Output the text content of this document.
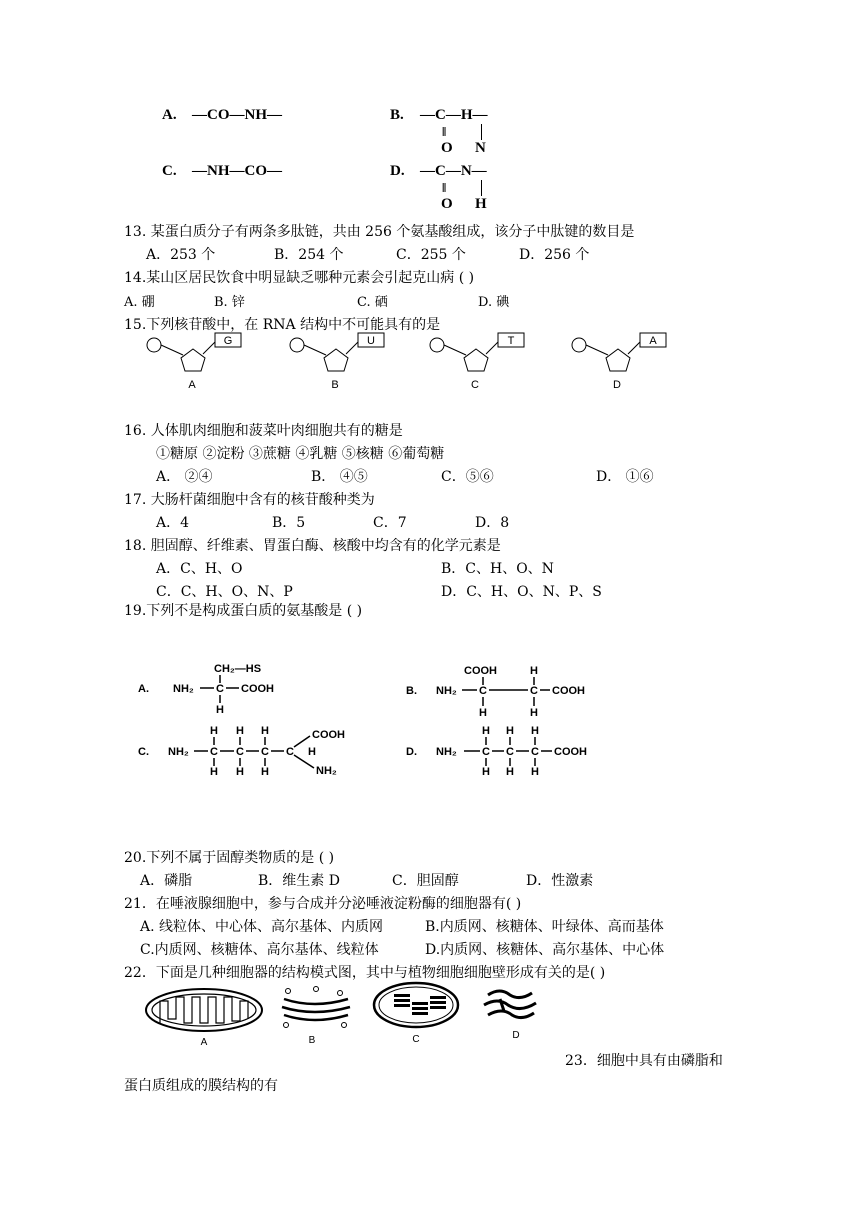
A. —CO—NH—	B. —C—H—
‖
O N
C. —NH—CO—	D. —C—N—
‖
O H
13. 某蛋白质分子有两条多肽链，共由 256 个氨基酸组成，该分子中肽键的数目是
A．253 个	B．254 个	C．255 个	D．256 个
14.某山区居民饮食中明显缺乏哪种元素会引起克山病 ( )
A. 硼	B. 锌	C. 硒	D. 碘
15.下列核苷酸中，在 RNA 结构中不可能具有的是
G
A
U
B
T
C
A
D
16. 人体肌肉细胞和菠菜叶肉细胞共有的糖是
①糖原 ②淀粉 ③蔗糖 ④乳糖 ⑤核糖 ⑥葡萄糖
A． ②④	B． ④⑤	C．⑤⑥	D． ①⑥
17. 大肠杆菌细胞中含有的核苷酸种类为
A．4	B．5	C．7	D．8
18. 胆固醇、纤维素、胃蛋白酶、核酸中均含有的化学元素是
A．C、H、O	B．C、H、O、N
C．C、H、O、N、P	D．C、H、O、N、P、S
19.下列不是构成蛋白质的氨基酸是 ( )
A.
CH₂—HS
NH₂ C COOH
H
B.
COOH	H
NH₂ C	C COOH
H	H
C. NH₂
H H H	COOH
C C C C H
H H H	NH₂
D. NH₂
H H H
C C C COOH
H H H
20.下列不属于固醇类物质的是 ( )
A．磷脂	B．维生素 D	C．胆固醇	D．性激素
21．在唾液腺细胞中，参与合成并分泌唾液淀粉酶的细胞器有( )
A. 线粒体、中心体、高尔基体、内质网	B.内质网、核糖体、叶绿体、高而基体
C.内质网、核糖体、高尔基体、线粒体	D.内质网、核糖体、高尔基体、中心体
22．下面是几种细胞器的结构模式图，其中与植物细胞细胞壁形成有关的是( )
A	B	C	D
23．细胞中具有由磷脂和
蛋白质组成的膜结构的有
